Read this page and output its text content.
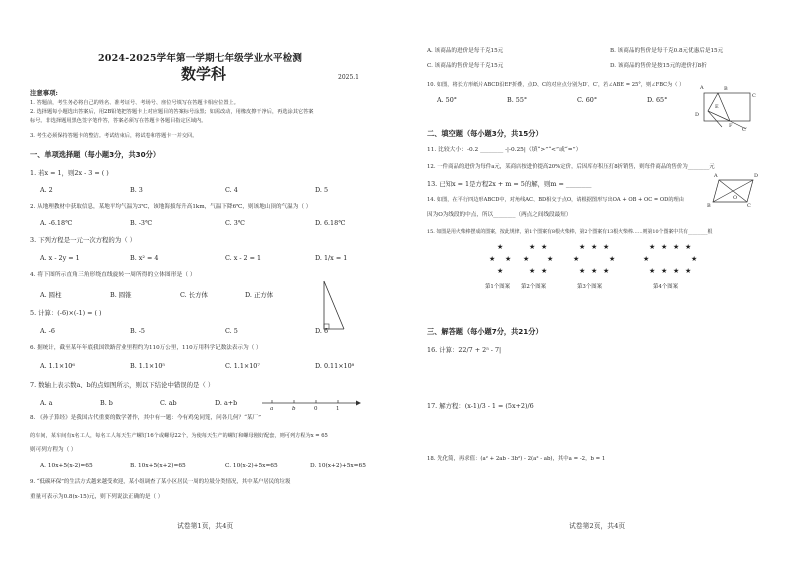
2024-2025学年第一学期七年级学业水平检测
数学科	2025.1
注意事项:
1. 答题前，考生务必将自己的姓名、准考证号、考场号、座位号填写在答题卡相应位置上。
2. 选择题每小题选出答案后，用2B铅笔把答题卡上对应题目的答案标号涂黑；如需改动，用橡皮擦干净后，再选涂其它答案
标号。非选择题用黑色签字笔作答，答案必须写在答题卡各题目指定区域内。
3. 考生必须保持答题卡的整洁。考试结束后，将试卷和答题卡一并交回。
一、单项选择题（每小题3分，共30分）
1. 若x = 1，则2x - 3 = ( )
A. 2	B. 3	C. 4	D. 5
2. 从地理教材中获取信息，某地平均气温为3℃，该地海拔每升高1km，气温下降6℃，则该地山顶的气温为（ ）
A. -6.18℃	B. -3℃	C. 3℃	D. 6.18℃
3. 下列方程是一元一次方程的为（ ）
A. x - 2y = 1	B. x² = 4	C. x - 2 = 1	D. 1/x = 1
4. 将下图所示直角三角形绕直线旋转一周所得的立体图形是（ ）
A. 圆柱	B. 圆锥	C. 长方体	D. 正方体
5. 计算：(-6)×(-1) = ( )
A. -6	B. -5	C. 5	D. 6
6. 据统计，截至某年年底我国铁路营业里程约为110万公里，110万用科学记数法表示为（ ）
A. 1.1×10⁶	B. 1.1×10⁵	C. 1.1×10⁷	D. 0.11×10⁸
7. 数轴上表示数a、b的点如图所示，则以下结论中错误的是（ ）
A. a	B. b	C. ab	D. a+b
a	b	0	1
8. 《孙子算经》是我国古代重要的数学著作，其中有一题：今有鸡兔同笼，问各几何？“某厂”
的车间，某车间有x名工人，每名工人每天生产螺钉16个或螺母22个，为使每天生产的螺钉和螺母刚好配套，则可列方程为x = 65
则可列方程为（ ）
A. 10x+5(x-2)=65	B. 10x+5(x+2)=65	C. 10(x-2)+5x=65	D. 10(x+2)+5x=65
9. “低碳环保”的生活方式越来越受欢迎，某小组调查了某小区居民一周的垃圾分类情况，其中某户居民的垃圾
重量可表示为0.8(x-15)元，则下列说法正确的是（ ）
试卷第1页，共4页
A. 该商品的进价是每千克15元	B. 该商品的售价是每千克0.8元优惠后是15元
C. 该商品的售价是每千克15元	D. 该商品的售价是按15元的进价打8折
10. 如图，将长方形纸片ABCD沿EF折叠，点D、C的对应点分别为D′、C′，若∠ABE = 25°，则∠FBC为（ ）
A. 50°	B. 55°	C. 60°	D. 65°
A	B
C
D
E
F
C′
二、填空题（每小题3分，共15分）
11. 比较大小：-0.2 ________ -|-0.25|（填“>”“<”或“=”）
12. 一件商品的进价为每件a元，某商店按进价提高20%定价，后因库存积压打8折销售，则每件商品的售价为________元
13. 已知x = 1是方程2x + m = 5的解，则m = ________
14. 如图，在平行四边形ABCD中，对角线AC、BD相交于点O，请根据图形写出OA + OB + OC = OD的理由
因为O为线段的中点，所以________（两点之间线段最短）
A
B	C
D
O
15. 如图是用火柴棒摆成的图案，按此规律，第1个图案有8根火柴棒，第2个图案有13根火柴棒……则第10个图案中共有________根
★
★ ★
★
★ ★
★	★
★ ★
★ ★ ★
★	★
★ ★ ★
★ ★ ★ ★
★	★
★ ★ ★ ★
第1个图案 第2个图案	第3个图案	第4个图案
三、解答题（每小题7分，共21分）
16. 计算：22/7 + 2⁵ - 7|
17. 解方程：(x-1)/3 - 1 = (5x+2)/6
18. 先化简，再求值：(a² + 2ab - 3b²) - 2(a² - ab)，其中a = -2，b = 1
试卷第2页，共4页
